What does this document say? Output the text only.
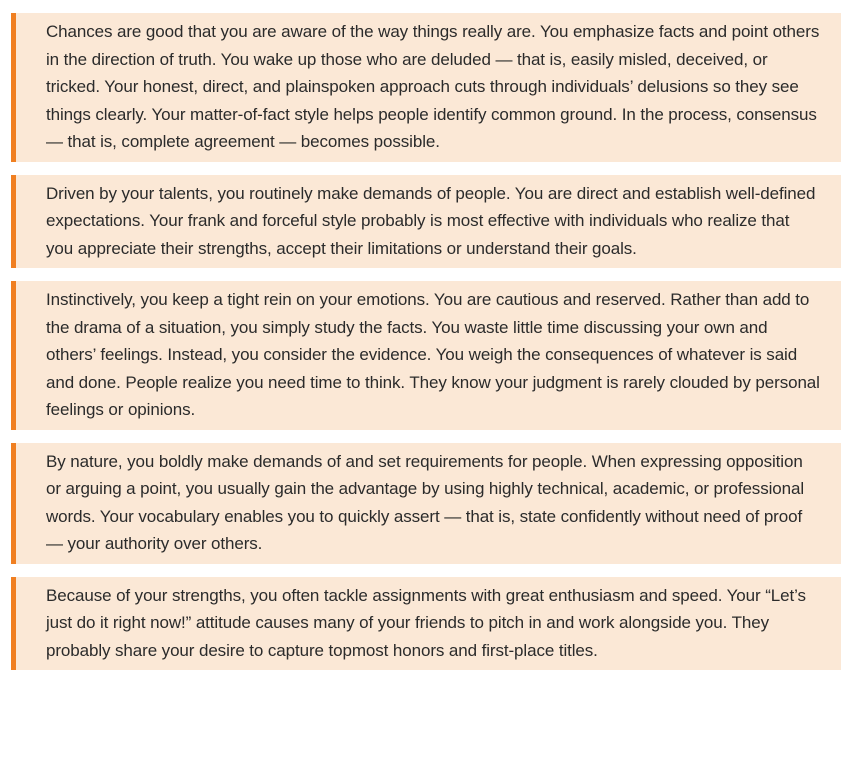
Chances are good that you are aware of the way things really are. You emphasize facts and point others in the direction of truth. You wake up those who are deluded — that is, easily misled, deceived, or tricked. Your honest, direct, and plainspoken approach cuts through individuals’ delusions so they see things clearly. Your matter-of-fact style helps people identify common ground. In the process, consensus — that is, complete agreement — becomes possible.

Driven by your talents, you routinely make demands of people. You are direct and establish well-defined expectations. Your frank and forceful style probably is most effective with individuals who realize that you appreciate their strengths, accept their limitations or understand their goals.

Instinctively, you keep a tight rein on your emotions. You are cautious and reserved. Rather than add to the drama of a situation, you simply study the facts. You waste little time discussing your own and others’ feelings. Instead, you consider the evidence. You weigh the consequences of whatever is said and done. People realize you need time to think. They know your judgment is rarely clouded by personal feelings or opinions.

By nature, you boldly make demands of and set requirements for people. When expressing opposition or arguing a point, you usually gain the advantage by using highly technical, academic, or professional words. Your vocabulary enables you to quickly assert — that is, state confidently without need of proof — your authority over others.

Because of your strengths, you often tackle assignments with great enthusiasm and speed. Your “Let’s just do it right now!” attitude causes many of your friends to pitch in and work alongside you. They probably share your desire to capture topmost honors and first-place titles.
